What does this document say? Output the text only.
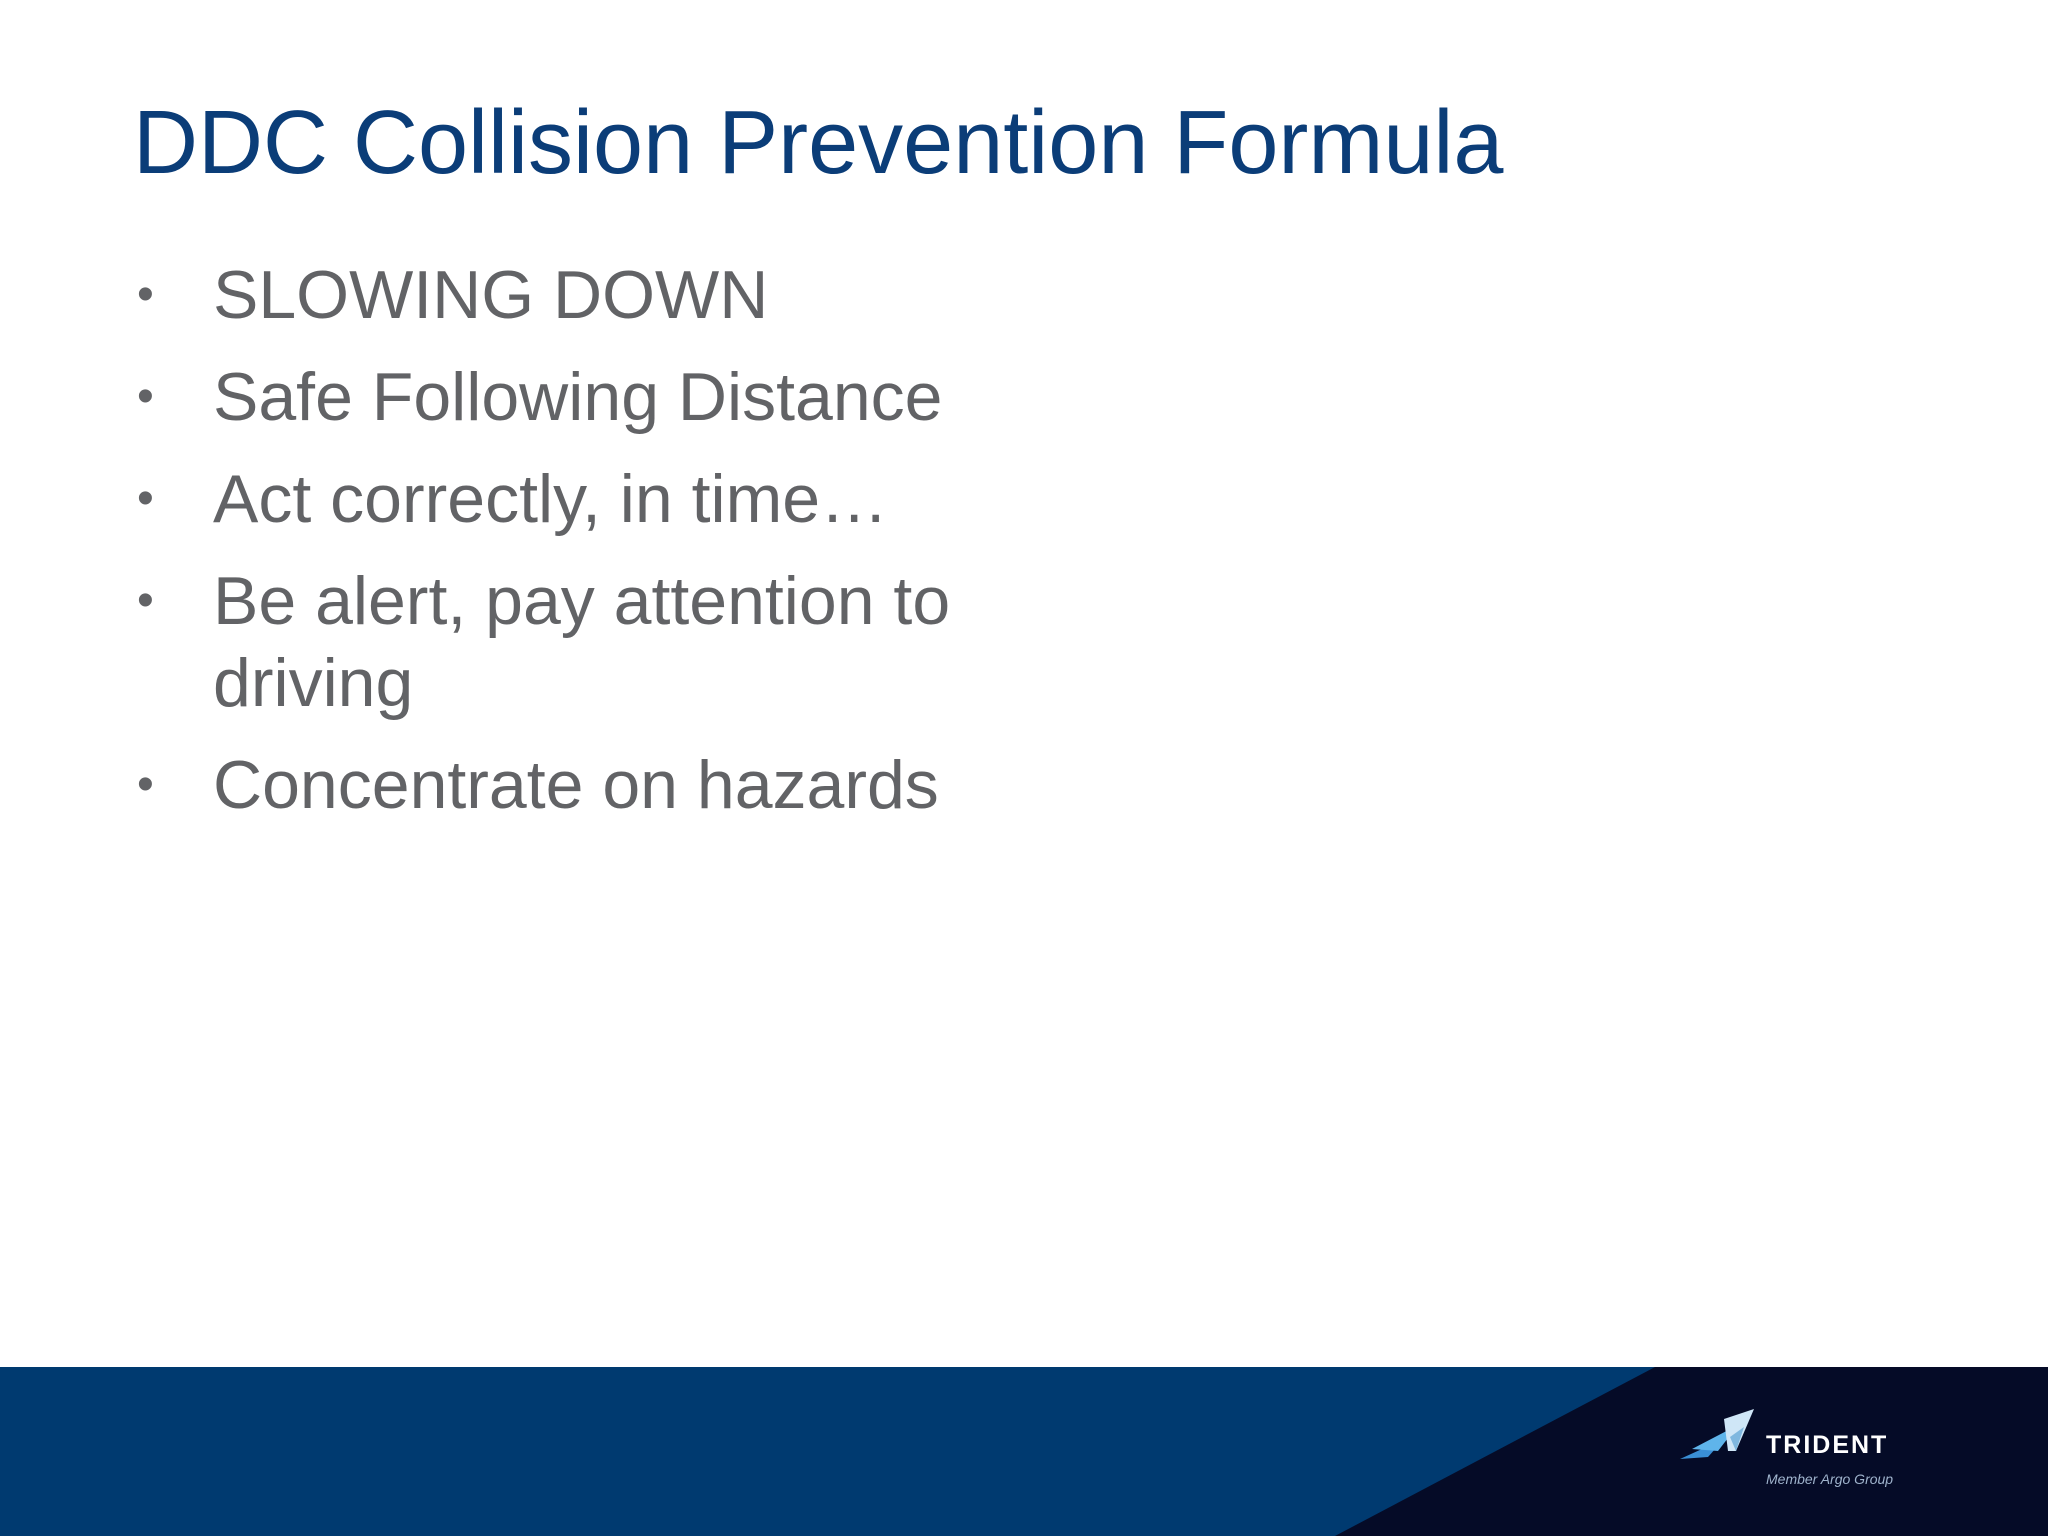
DDC Collision Prevention Formula
• SLOWING DOWN
• Safe Following Distance
• Act correctly, in time…
• Be alert, pay attention to driving
• Concentrate on hazards
TRIDENT
Member Argo Group
